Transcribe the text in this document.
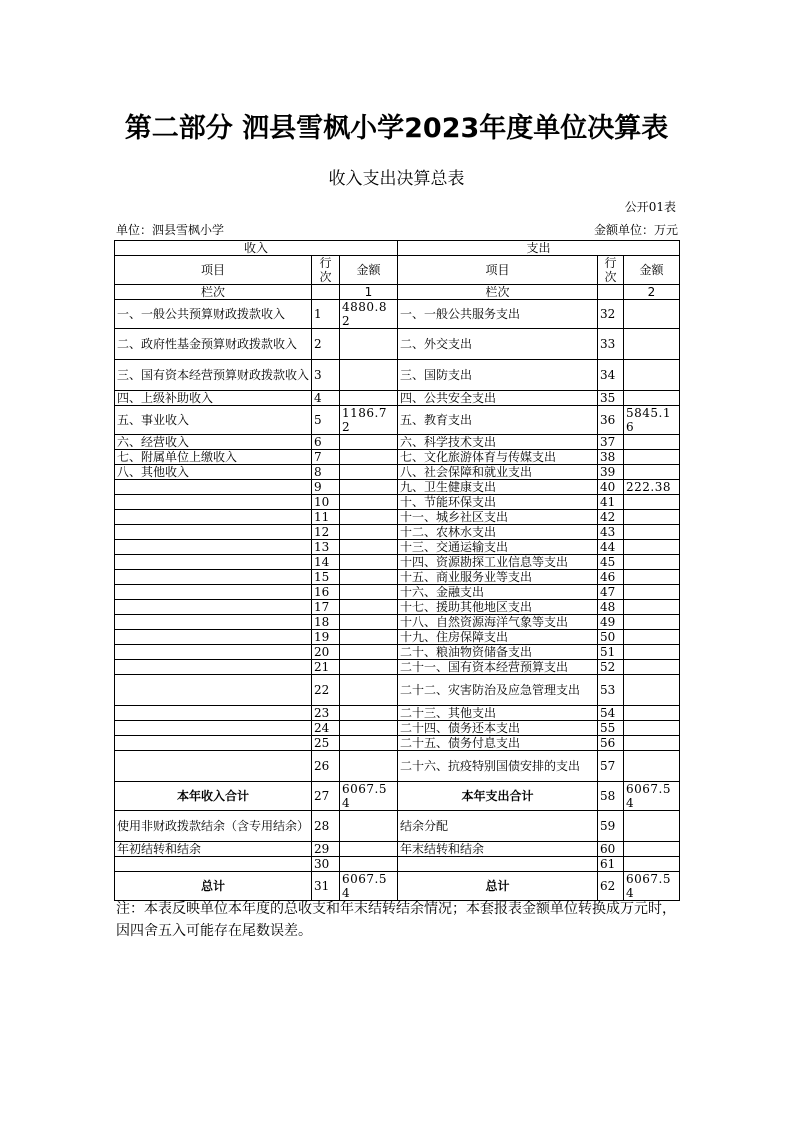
第二部分 泗县雪枫小学2023年度单位决算表
收入支出决算总表
公开01表
单位：泗县雪枫小学	金额单位：万元
收入			支出		
项目	行次	金额	项目	行次	金额
栏次		1	栏次		2
一、一般公共预算财政拨款收入	1	4880.82	一、一般公共服务支出	32	
二、政府性基金预算财政拨款收入	2		二、外交支出	33	
三、国有资本经营预算财政拨款收入	3		三、国防支出	34	
四、上级补助收入	4		四、公共安全支出	35	
五、事业收入	5	1186.72	五、教育支出	36	5845.16
六、经营收入	6		六、科学技术支出	37	
七、附属单位上缴收入	7		七、文化旅游体育与传媒支出	38	
八、其他收入	8		八、社会保障和就业支出	39	
	9		九、卫生健康支出	40	222.38
	10		十、节能环保支出	41	
	11		十一、城乡社区支出	42	
	12		十二、农林水支出	43	
	13		十三、交通运输支出	44	
	14		十四、资源勘探工业信息等支出	45	
	15		十五、商业服务业等支出	46	
	16		十六、金融支出	47	
	17		十七、援助其他地区支出	48	
	18		十八、自然资源海洋气象等支出	49	
	19		十九、住房保障支出	50	
	20		二十、粮油物资储备支出	51	
	21		二十一、国有资本经营预算支出	52	
	22		二十二、灾害防治及应急管理支出	53	
	23		二十三、其他支出	54	
	24		二十四、债务还本支出	55	
	25		二十五、债务付息支出	56	
	26		二十六、抗疫特别国债安排的支出	57	
本年收入合计	27	6067.54	本年支出合计	58	6067.54
使用非财政拨款结余（含专用结余）	28		结余分配	59	
年初结转和结余	29		年末结转和结余	60	
	30			61	
总计	31	6067.54	总计	62	6067.54
注：本表反映单位本年度的总收支和年末结转结余情况；本套报表金额单位转换成万元时，因四舍五入可能存在尾数误差。
